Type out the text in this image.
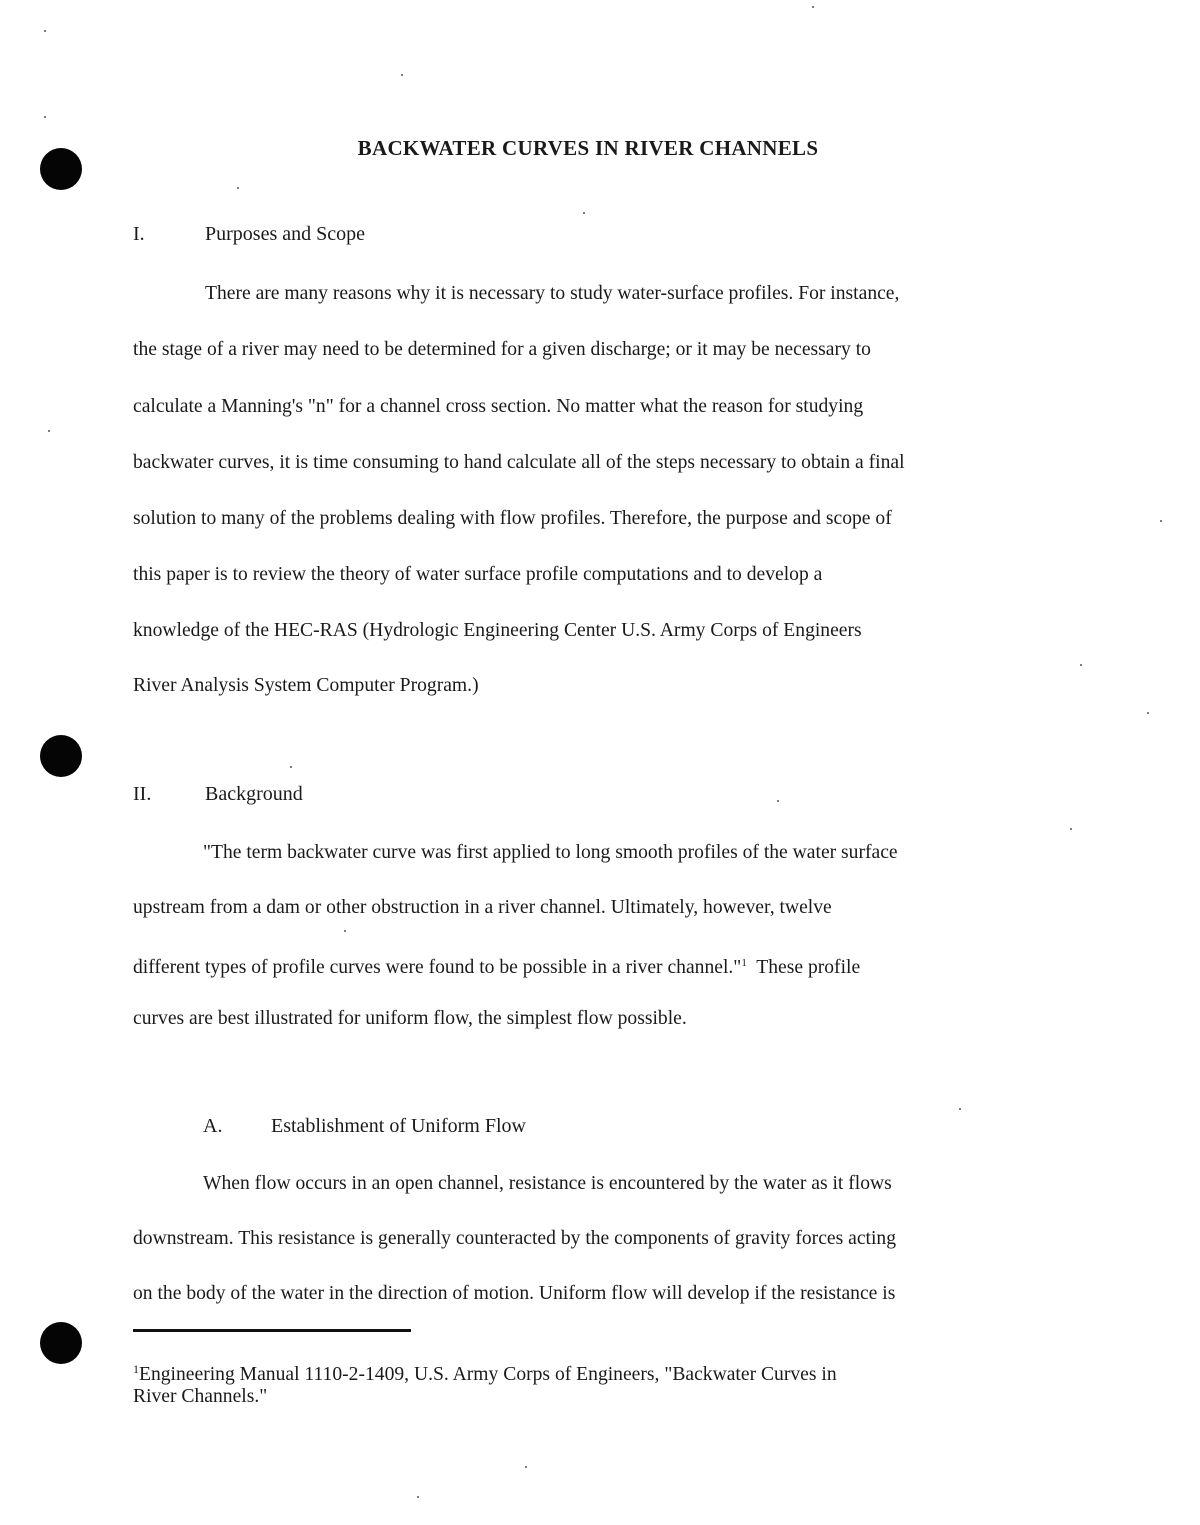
BACKWATER CURVES IN RIVER CHANNELS
I.	Purposes and Scope
There are many reasons why it is necessary to study water-surface profiles. For instance,
the stage of a river may need to be determined for a given discharge; or it may be necessary to
calculate a Manning's "n" for a channel cross section. No matter what the reason for studying
backwater curves, it is time consuming to hand calculate all of the steps necessary to obtain a final
solution to many of the problems dealing with flow profiles. Therefore, the purpose and scope of
this paper is to review the theory of water surface profile computations and to develop a
knowledge of the HEC-RAS (Hydrologic Engineering Center U.S. Army Corps of Engineers
River Analysis System Computer Program.)
II.	Background
"The term backwater curve was first applied to long smooth profiles of the water surface
upstream from a dam or other obstruction in a river channel. Ultimately, however, twelve
different types of profile curves were found to be possible in a river channel."$^1$  These profile
curves are best illustrated for uniform flow, the simplest flow possible.
A. Establishment of Uniform Flow
When flow occurs in an open channel, resistance is encountered by the water as it flows
downstream. This resistance is generally counteracted by the components of gravity forces acting
on the body of the water in the direction of motion. Uniform flow will develop if the resistance is
$^1$Engineering Manual 1110-2-1409, U.S. Army Corps of Engineers, "Backwater Curves in
River Channels."
